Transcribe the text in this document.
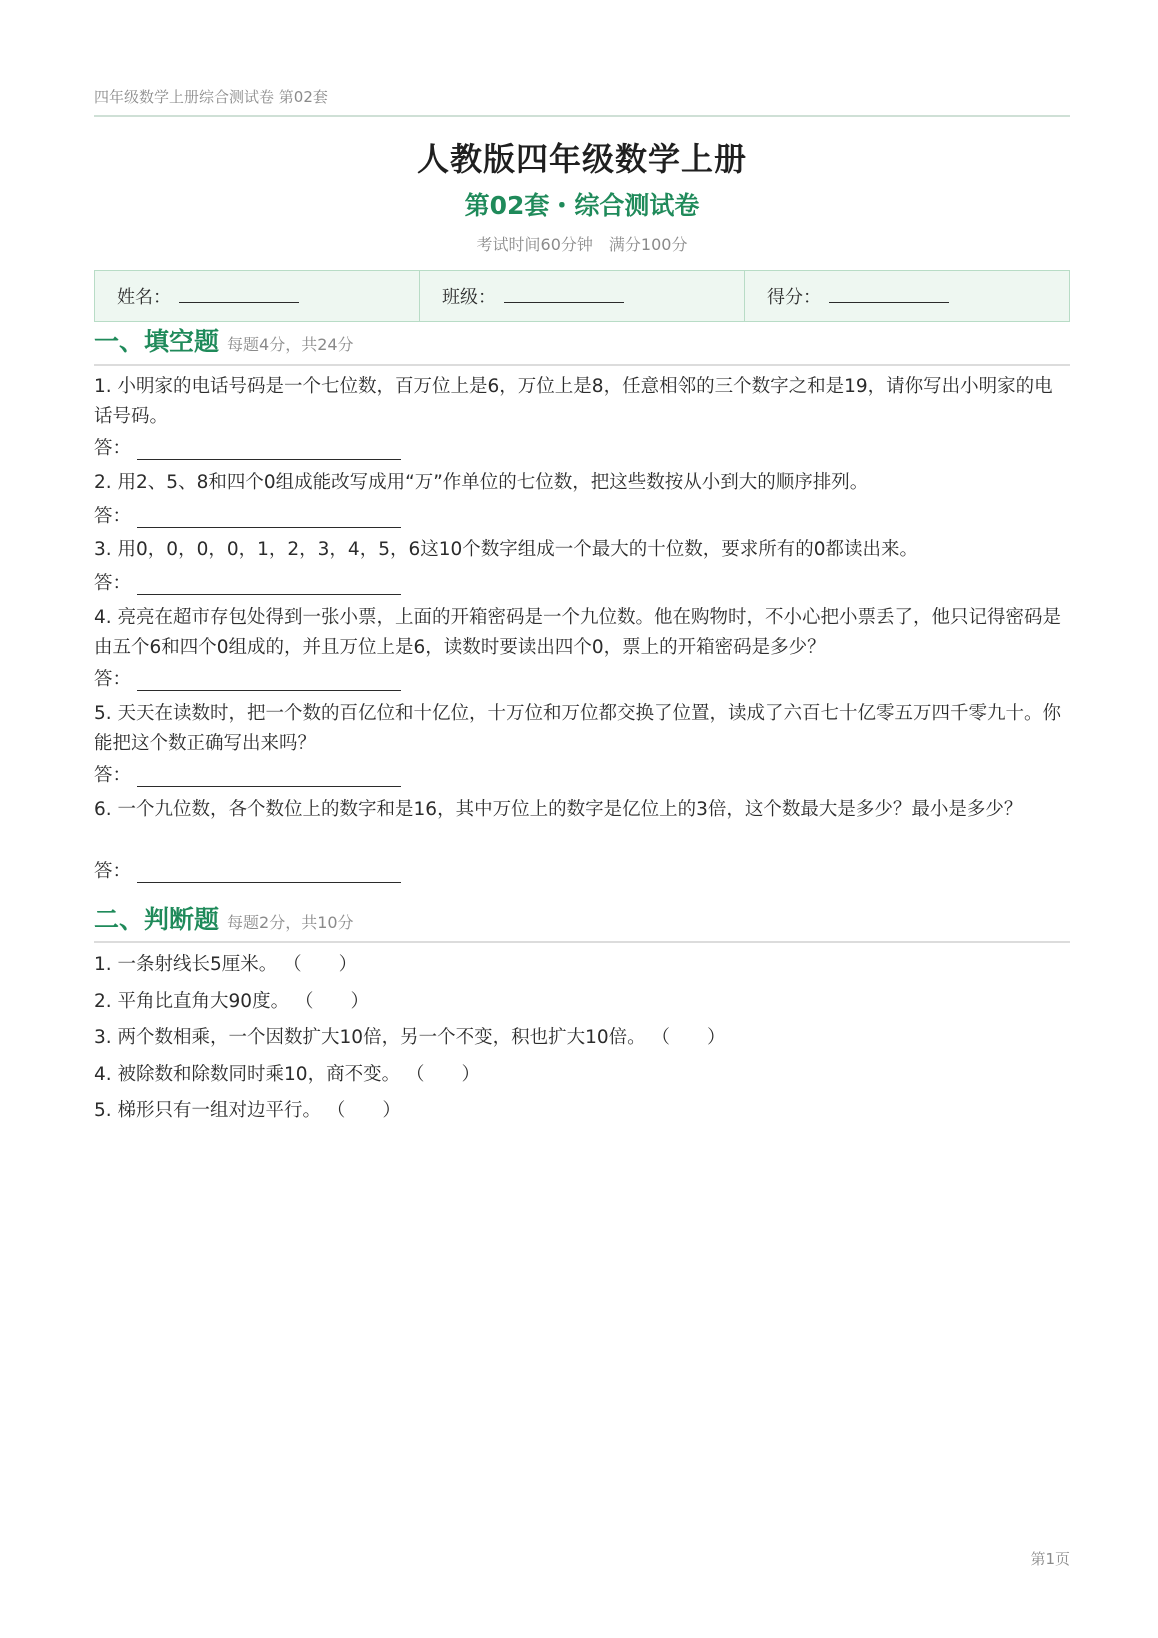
四年级数学上册综合测试卷 第02套
人教版四年级数学上册
第02套・综合测试卷
考试时间60分钟　满分100分
姓名：	班级：	得分：
一、填空题 每题4分，共24分
1. 小明家的电话号码是一个七位数，百万位上是6，万位上是8，任意相邻的三个数字之和是19，请你写出小明家的电话号码。
答：
2. 用2、5、8和四个0组成能改写成用“万”作单位的七位数，把这些数按从小到大的顺序排列。
答：
3. 用0，0，0，0，1，2，3，4，5，6这10个数字组成一个最大的十位数，要求所有的0都读出来。
答：
4. 亮亮在超市存包处得到一张小票，上面的开箱密码是一个九位数。他在购物时，不小心把小票丢了，他只记得密码是由五个6和四个0组成的，并且万位上是6，读数时要读出四个0，票上的开箱密码是多少？
答：
5. 天天在读数时，把一个数的百亿位和十亿位，十万位和万位都交换了位置，读成了六百七十亿零五万四千零九十。你能把这个数正确写出来吗？
答：
6. 一个九位数，各个数位上的数字和是16，其中万位上的数字是亿位上的3倍，这个数最大是多少？最小是多少？
答：
二、判断题 每题2分，共10分
1. 一条射线长5厘米。 （　　）
2. 平角比直角大90度。 （　　）
3. 两个数相乘，一个因数扩大10倍，另一个不变，积也扩大10倍。 （　　）
4. 被除数和除数同时乘10，商不变。 （　　）
5. 梯形只有一组对边平行。 （　　）
第1页
